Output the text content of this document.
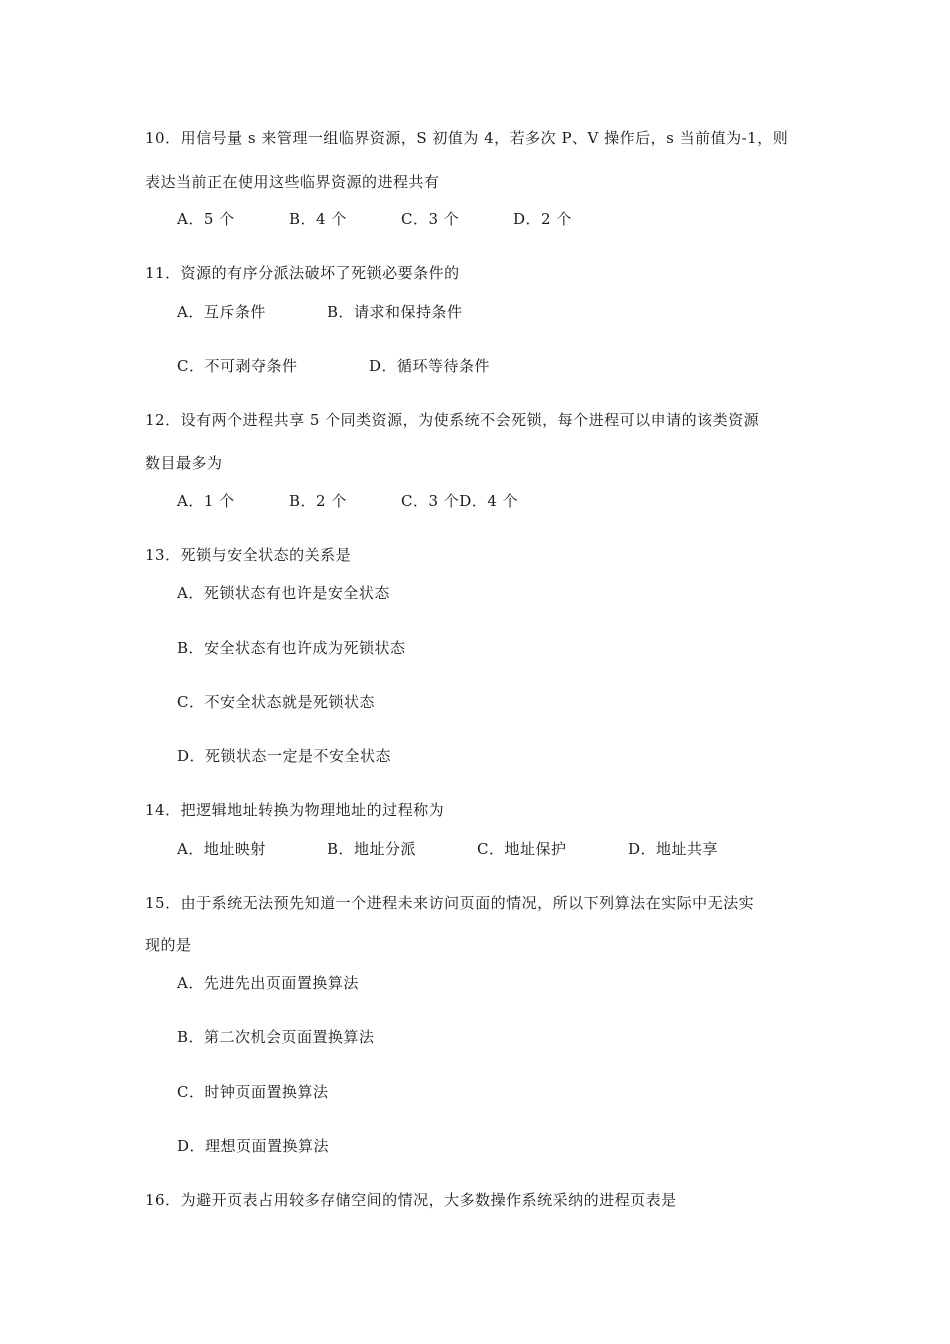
10．用信号量 s 来管理一组临界资源，S 初值为 4，若多次 P、V 操作后，s 当前值为-1，则
表达当前正在使用这些临界资源的进程共有
A．5 个	B．4 个	C．3 个	D．2 个
11．资源的有序分派法破坏了死锁必要条件的
A．互斥条件	B．请求和保持条件
C．不可剥夺条件	D．循环等待条件
12．设有两个进程共享 5 个同类资源，为使系统不会死锁，每个进程可以申请的该类资源
数目最多为
A．1 个	B．2 个	C．3 个D．4 个
13．死锁与安全状态的关系是
A．死锁状态有也许是安全状态
B．安全状态有也许成为死锁状态
C．不安全状态就是死锁状态
D．死锁状态一定是不安全状态
14．把逻辑地址转换为物理地址的过程称为
A．地址映射	B．地址分派	C．地址保护	D．地址共享
15．由于系统无法预先知道一个进程未来访问页面的情况，所以下列算法在实际中无法实
现的是
A．先进先出页面置换算法
B．第二次机会页面置换算法
C．时钟页面置换算法
D．理想页面置换算法
16．为避开页表占用较多存储空间的情况，大多数操作系统采纳的进程页表是
